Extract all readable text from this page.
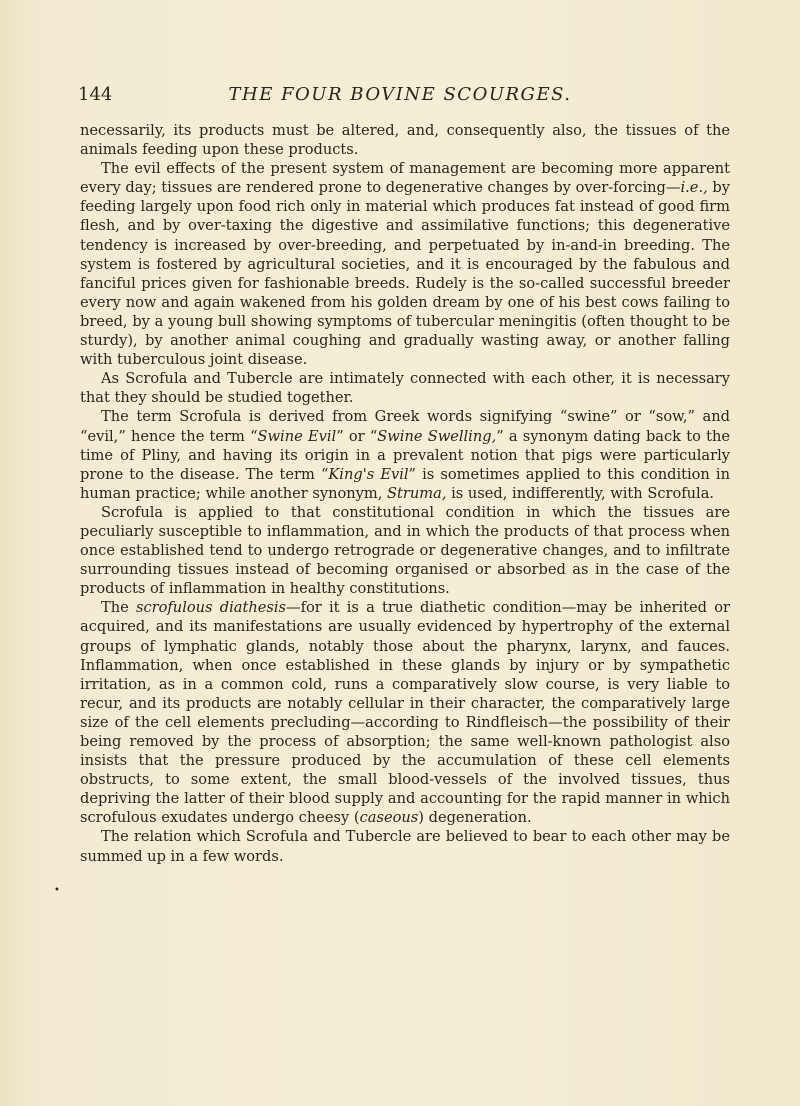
144	THE FOUR BOVINE SCOURGES.

necessarily, its products must be altered, and, consequently also, the tissues of the animals feeding upon these products.

The evil effects of the present system of management are becoming more apparent every day; tissues are rendered prone to degenerative changes by over-forcing—i.e., by feeding largely upon food rich only in material which produces fat instead of good firm flesh, and by over-taxing the digestive and assimilative functions; this degenerative tendency is increased by over-breeding, and perpetuated by in-and-in breeding. The system is fostered by agricultural societies, and it is encouraged by the fabulous and fanciful prices given for fashionable breeds. Rudely is the so-called successful breeder every now and again wakened from his golden dream by one of his best cows failing to breed, by a young bull showing symptoms of tubercular meningitis (often thought to be sturdy), by another animal coughing and gradually wasting away, or another falling with tuberculous joint disease.

As Scrofula and Tubercle are intimately connected with each other, it is necessary that they should be studied together.

The term Scrofula is derived from Greek words signifying “swine” or “sow,” and “evil,” hence the term “Swine Evil” or “Swine Swelling,” a synonym dating back to the time of Pliny, and having its origin in a prevalent notion that pigs were particularly prone to the disease. The term “King's Evil” is sometimes applied to this condition in human practice; while another synonym, Struma, is used, indifferently, with Scrofula.

Scrofula is applied to that constitutional condition in which the tissues are peculiarly susceptible to inflammation, and in which the products of that process when once established tend to undergo retrograde or degenerative changes, and to infiltrate surrounding tissues instead of becoming organised or absorbed as in the case of the products of inflammation in healthy constitutions.

The scrofulous diathesis—for it is a true diathetic condition—may be inherited or acquired, and its manifestations are usually evidenced by hypertrophy of the external groups of lymphatic glands, notably those about the pharynx, larynx, and fauces. Inflammation, when once established in these glands by injury or by sympathetic irritation, as in a common cold, runs a comparatively slow course, is very liable to recur, and its products are notably cellular in their character, the comparatively large size of the cell elements precluding—according to Rindfleisch—the possibility of their being removed by the process of absorption; the same well-known pathologist also insists that the pressure produced by the accumulation of these cell elements obstructs, to some extent, the small blood-vessels of the involved tissues, thus depriving the latter of their blood supply and accounting for the rapid manner in which scrofulous exudates undergo cheesy (caseous) degeneration.

The relation which Scrofula and Tubercle are believed to bear to each other may be summed up in a few words.

•
